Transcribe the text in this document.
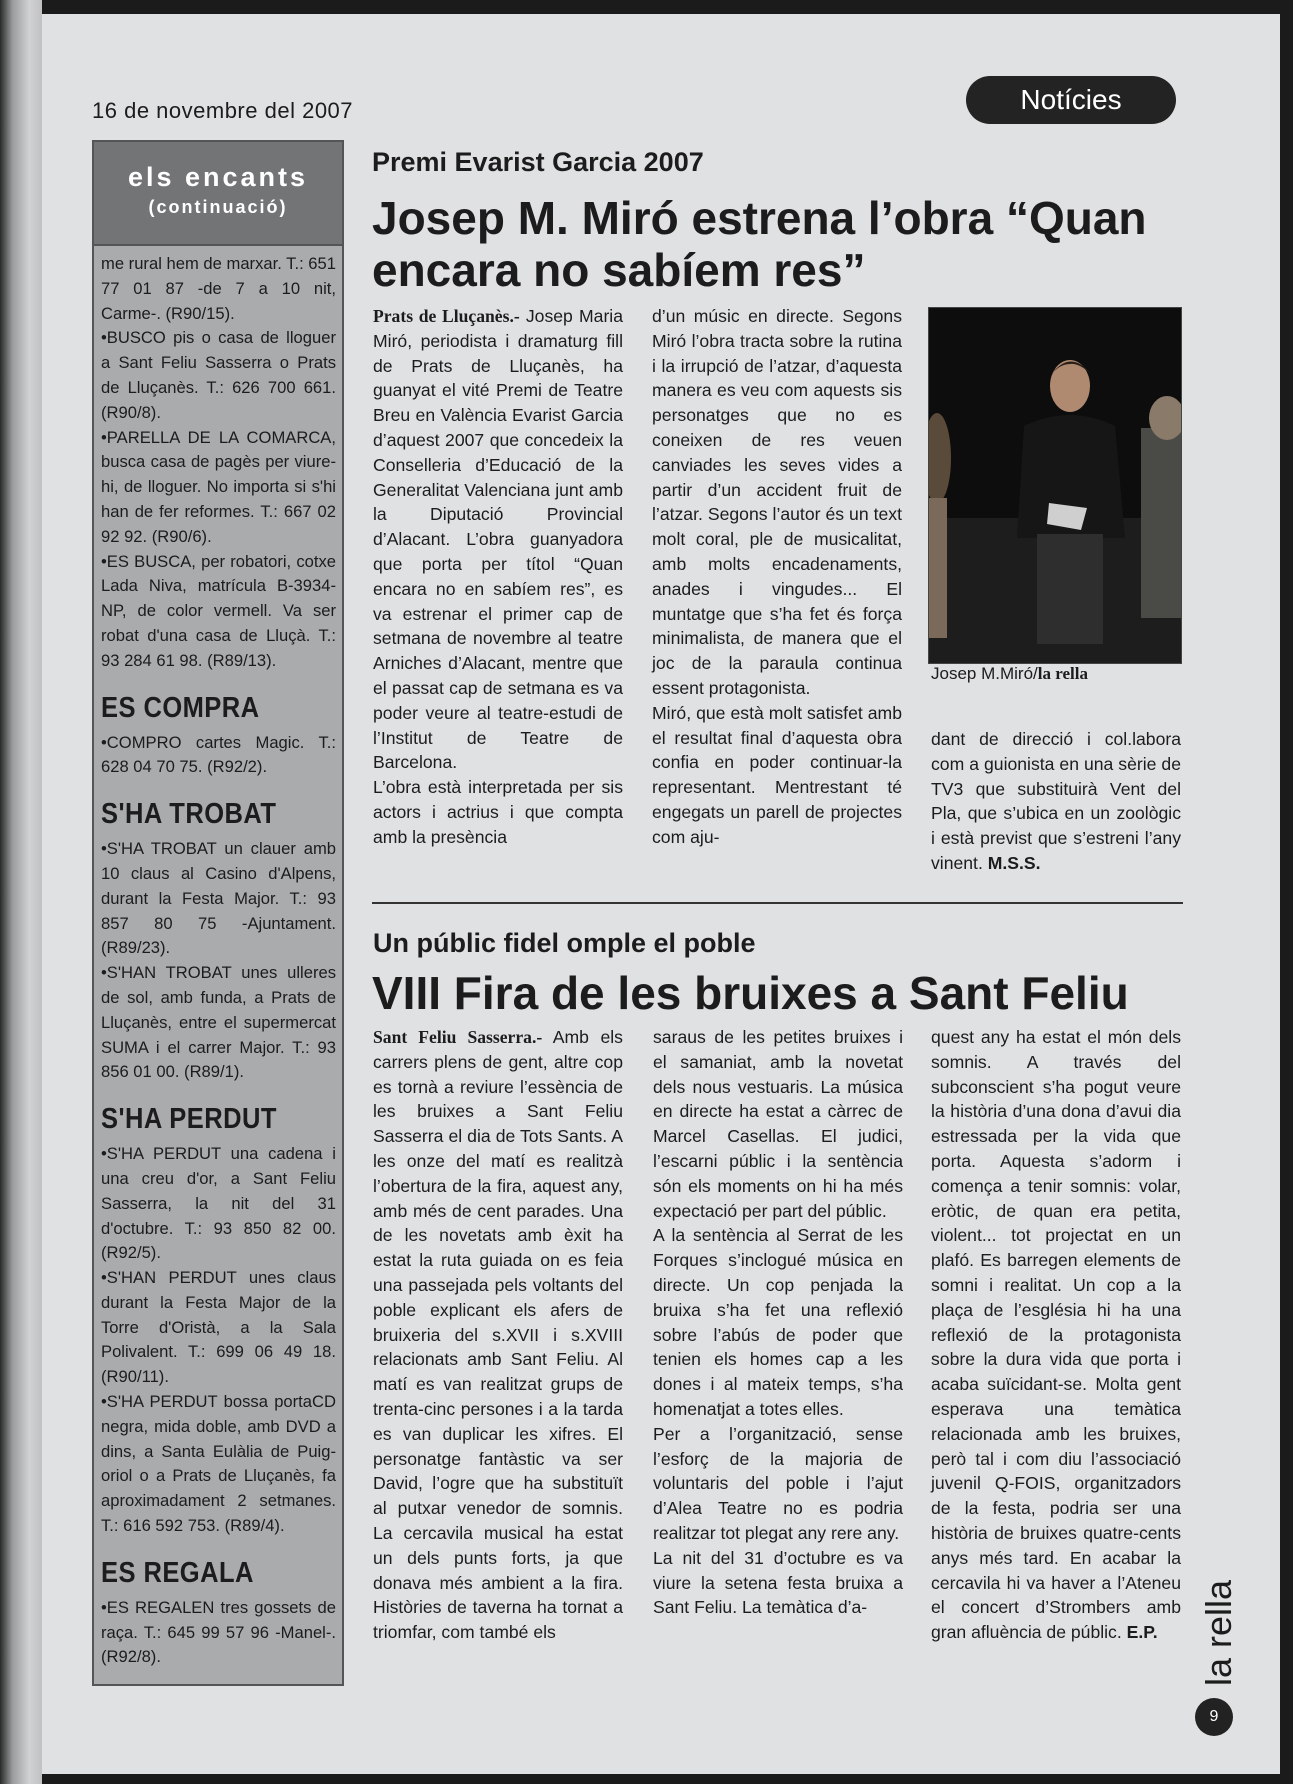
16 de novembre del 2007	Notícies
els encants
(continuació)

me rural hem de marxar. T.: 651 77 01 87 -de 7 a 10 nit, Carme-. (R90/15).

•BUSCO pis o casa de lloguer a Sant Feliu Sasserra o Prats de Lluçanès. T.: 626 700 661. (R90/8).

•PARELLA DE LA COMARCA, busca casa de pagès per viure-hi, de lloguer. No importa si s'hi han de fer reformes. T.: 667 02 92 92. (R90/6).

•ES BUSCA, per robatori, cotxe Lada Niva, matrícula B-3934-NP, de color vermell. Va ser robat d'una casa de Lluçà. T.: 93 284 61 98. (R89/13).

ES COMPRA

•COMPRO cartes Magic. T.: 628 04 70 75. (R92/2).

S'HA TROBAT

•S'HA TROBAT un clauer amb 10 claus al Casino d'Alpens, durant la Festa Major. T.: 93 857 80 75 -Ajuntament. (R89/23).

•S'HAN TROBAT unes ulleres de sol, amb funda, a Prats de Lluçanès, entre el supermercat SUMA i el carrer Major. T.: 93 856 01 00. (R89/1).

S'HA PERDUT

•S'HA PERDUT una cadena i una creu d'or, a Sant Feliu Sasserra, la nit del 31 d'octubre. T.: 93 850 82 00. (R92/5).

•S'HAN PERDUT unes claus durant la Festa Major de la Torre d'Oristà, a la Sala Polivalent. T.: 699 06 49 18. (R90/11).

•S'HA PERDUT bossa portaCD negra, mida doble, amb DVD a dins, a Santa Eulàlia de Puig-oriol o a Prats de Lluçanès, fa aproximadament 2 setmanes. T.: 616 592 753. (R89/4).

ES REGALA

•ES REGALEN tres gossets de raça. T.: 645 99 57 96 -Manel-. (R92/8).

Premi Evarist Garcia 2007
Josep M. Miró estrena l’obra “Quan
encara no sabíem res”

Prats de Lluçanès.- Josep Maria Miró, periodista i dramaturg fill de Prats de Lluçanès, ha guanyat el vité Premi de Teatre Breu en València Evarist Garcia d’aquest 2007 que concedeix la Conselleria d’Educació de la Generalitat Valenciana junt amb la Diputació Provincial d’Alacant. L’obra guanyadora que porta per títol “Quan encara no en sabíem res”, es va estrenar el primer cap de setmana de novembre al teatre Arniches d’Alacant, mentre que el passat cap de setmana es va poder veure al teatre-estudi de l’Institut de Teatre de Barcelona.

L’obra està interpretada per sis actors i actrius i que compta amb la presència

d’un músic en directe. Segons Miró l’obra tracta sobre la rutina i la irrupció de l’atzar, d’aquesta manera es veu com aquests sis personatges que no es coneixen de res veuen canviades les seves vides a partir d’un accident fruit de l’atzar. Segons l’autor és un text molt coral, ple de musicalitat, amb molts encadenaments, anades i vingudes... El muntatge que s’ha fet és força minimalista, de manera que el joc de la paraula continua essent protagonista.

Miró, que està molt satisfet amb el resultat final d’aquesta obra confia en poder continuar-la representant. Mentrestant té engegats un parell de projectes com aju-

Josep M.Miró/la rella

dant de direcció i col.labora com a guionista en una sèrie de TV3 que substituirà Vent del Pla, que s’ubica en un zoològic i està previst que s’estreni l’any vinent. M.S.S.

Un públic fidel omple el poble
VIII Fira de les bruixes a Sant Feliu

Sant Feliu Sasserra.- Amb els carrers plens de gent, altre cop es tornà a reviure l’essència de les bruixes a Sant Feliu Sasserra el dia de Tots Sants. A les onze del matí es realitzà l’obertura de la fira, aquest any, amb més de cent parades. Una de les novetats amb èxit ha estat la ruta guiada on es feia una passejada pels voltants del poble explicant els afers de bruixeria del s.XVII i s.XVIII relacionats amb Sant Feliu. Al matí es van realitzat grups de trenta-cinc persones i a la tarda es van duplicar les xifres. El personatge fantàstic va ser David, l’ogre que ha substituït al putxar venedor de somnis. La cercavila musical ha estat un dels punts forts, ja que donava més ambient a la fira. Històries de taverna ha tornat a triomfar, com també els

saraus de les petites bruixes i el samaniat, amb la novetat dels nous vestuaris. La música en directe ha estat a càrrec de Marcel Casellas. El judici, l’escarni públic i la sentència són els moments on hi ha més expectació per part del públic.

A la sentència al Serrat de les Forques s’inclogué música en directe. Un cop penjada la bruixa s’ha fet una reflexió sobre l’abús de poder que tenien els homes cap a les dones i al mateix temps, s’ha homenatjat a totes elles.

Per a l’organització, sense l’esforç de la majoria de voluntaris del poble i l’ajut d’Alea Teatre no es podria realitzar tot plegat any rere any.

La nit del 31 d’octubre es va viure la setena festa bruixa a Sant Feliu. La temàtica d’a-

quest any ha estat el món dels somnis. A través del subconscient s’ha pogut veure la història d’una dona d’avui dia estressada per la vida que porta. Aquesta s’adorm i comença a tenir somnis: volar, eròtic, de quan era petita, violent... tot projectat en un plafó. Es barregen elements de somni i realitat. Un cop a la plaça de l’església hi ha una reflexió de la protagonista sobre la dura vida que porta i acaba suïcidant-se. Molta gent esperava una temàtica relacionada amb les bruixes, però tal i com diu l’associació juvenil Q-FOIS, organitzadors de la festa, podria ser una història de bruixes quatre-cents anys més tard. En acabar la cercavila hi va haver a l’Ateneu el concert d’Strombers amb gran afluència de públic. E.P.	la rella
9
